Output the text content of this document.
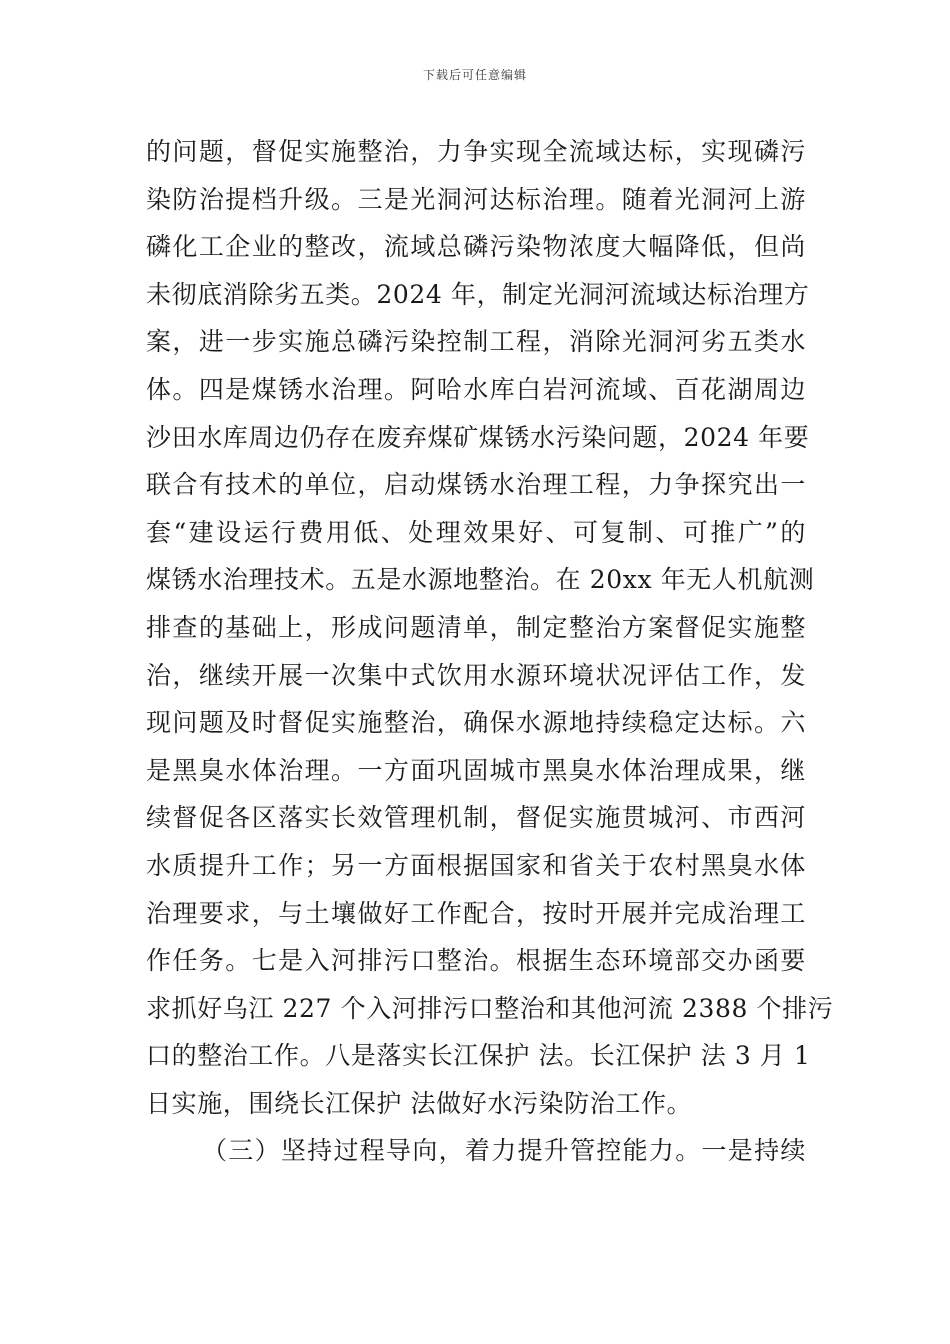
下载后可任意编辑
的问题，督促实施整治，力争实现全流域达标，实现磷污
染防治提档升级。三是光洞河达标治理。随着光洞河上游
磷化工企业的整改，流域总磷污染物浓度大幅降低，但尚
未彻底消除劣五类。2024 年，制定光洞河流域达标治理方
案，进一步实施总磷污染控制工程，消除光洞河劣五类水
体。四是煤锈水治理。阿哈水库白岩河流域、百花湖周边
沙田水库周边仍存在废弃煤矿煤锈水污染问题，2024 年要
联合有技术的单位，启动煤锈水治理工程，力争探究出一
套“建设运行费用低、处理效果好、可复制、可推广”的
煤锈水治理技术。五是水源地整治。在 20xx 年无人机航测
排查的基础上，形成问题清单，制定整治方案督促实施整
治，继续开展一次集中式饮用水源环境状况评估工作，发
现问题及时督促实施整治，确保水源地持续稳定达标。六
是黑臭水体治理。一方面巩固城市黑臭水体治理成果，继
续督促各区落实长效管理机制，督促实施贯城河、市西河
水质提升工作；另一方面根据国家和省关于农村黑臭水体
治理要求，与土壤做好工作配合，按时开展并完成治理工
作任务。七是入河排污口整治。根据生态环境部交办函要
求抓好乌江 227 个入河排污口整治和其他河流 2388 个排污
口的整治工作。八是落实长江保护 法。长江保护 法 3 月 1
日实施，围绕长江保护 法做好水污染防治工作。
（三）坚持过程导向，着力提升管控能力。一是持续
